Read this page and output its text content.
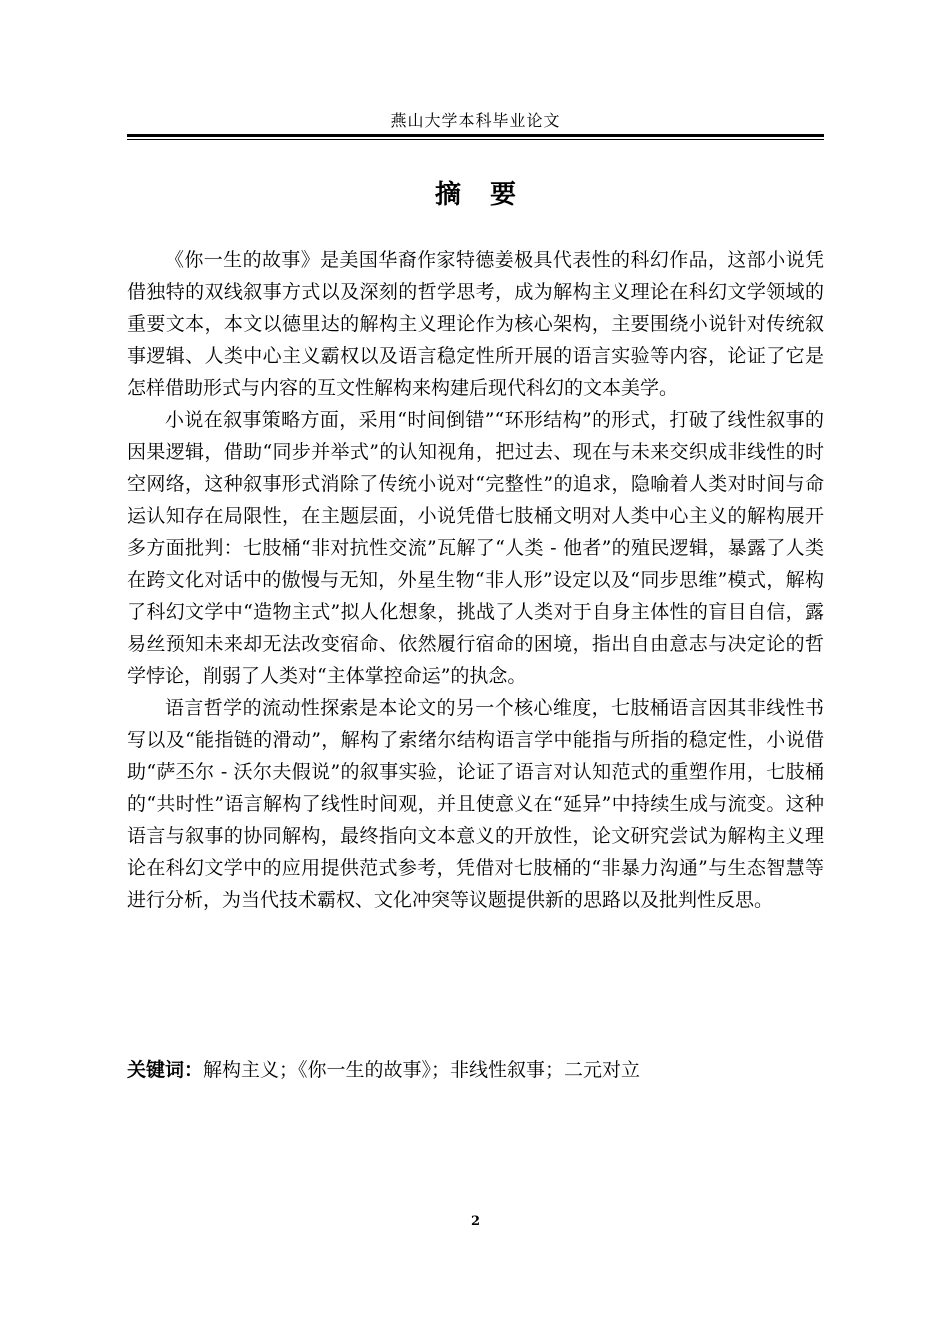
燕山大学本科毕业论文
摘 要

《你一生的故事》是美国华裔作家特德姜极具代表性的科幻作品，这部小说凭借独特的双线叙事方式以及深刻的哲学思考，成为解构主义理论在科幻文学领域的重要文本，本文以德里达的解构主义理论作为核心架构，主要围绕小说针对传统叙事逻辑、人类中心主义霸权以及语言稳定性所开展的语言实验等内容，论证了它是怎样借助形式与内容的互文性解构来构建后现代科幻的文本美学。

小说在叙事策略方面，采用“时间倒错”“环形结构”的形式，打破了线性叙事的因果逻辑，借助“同步并举式”的认知视角，把过去、现在与未来交织成非线性的时空网络，这种叙事形式消除了传统小说对“完整性”的追求，隐喻着人类对时间与命运认知存在局限性，在主题层面，小说凭借七肢桶文明对人类中心主义的解构展开多方面批判：七肢桶“非对抗性交流”瓦解了“人类 - 他者”的殖民逻辑，暴露了人类在跨文化对话中的傲慢与无知，外星生物“非人形”设定以及“同步思维”模式，解构了科幻文学中“造物主式”拟人化想象，挑战了人类对于自身主体性的盲目自信，露易丝预知未来却无法改变宿命、依然履行宿命的困境，指出自由意志与决定论的哲学悖论，削弱了人类对“主体掌控命运”的执念。

语言哲学的流动性探索是本论文的另一个核心维度，七肢桶语言因其非线性书写以及“能指链的滑动”，解构了索绪尔结构语言学中能指与所指的稳定性，小说借助“萨丕尔 - 沃尔夫假说”的叙事实验，论证了语言对认知范式的重塑作用，七肢桶的“共时性”语言解构了线性时间观，并且使意义在“延异”中持续生成与流变。这种语言与叙事的协同解构，最终指向文本意义的开放性，论文研究尝试为解构主义理论在科幻文学中的应用提供范式参考，凭借对七肢桶的“非暴力沟通”与生态智慧等进行分析，为当代技术霸权、文化冲突等议题提供新的思路以及批判性反思。

关键词：解构主义；《你一生的故事》；非线性叙事；二元对立
2
